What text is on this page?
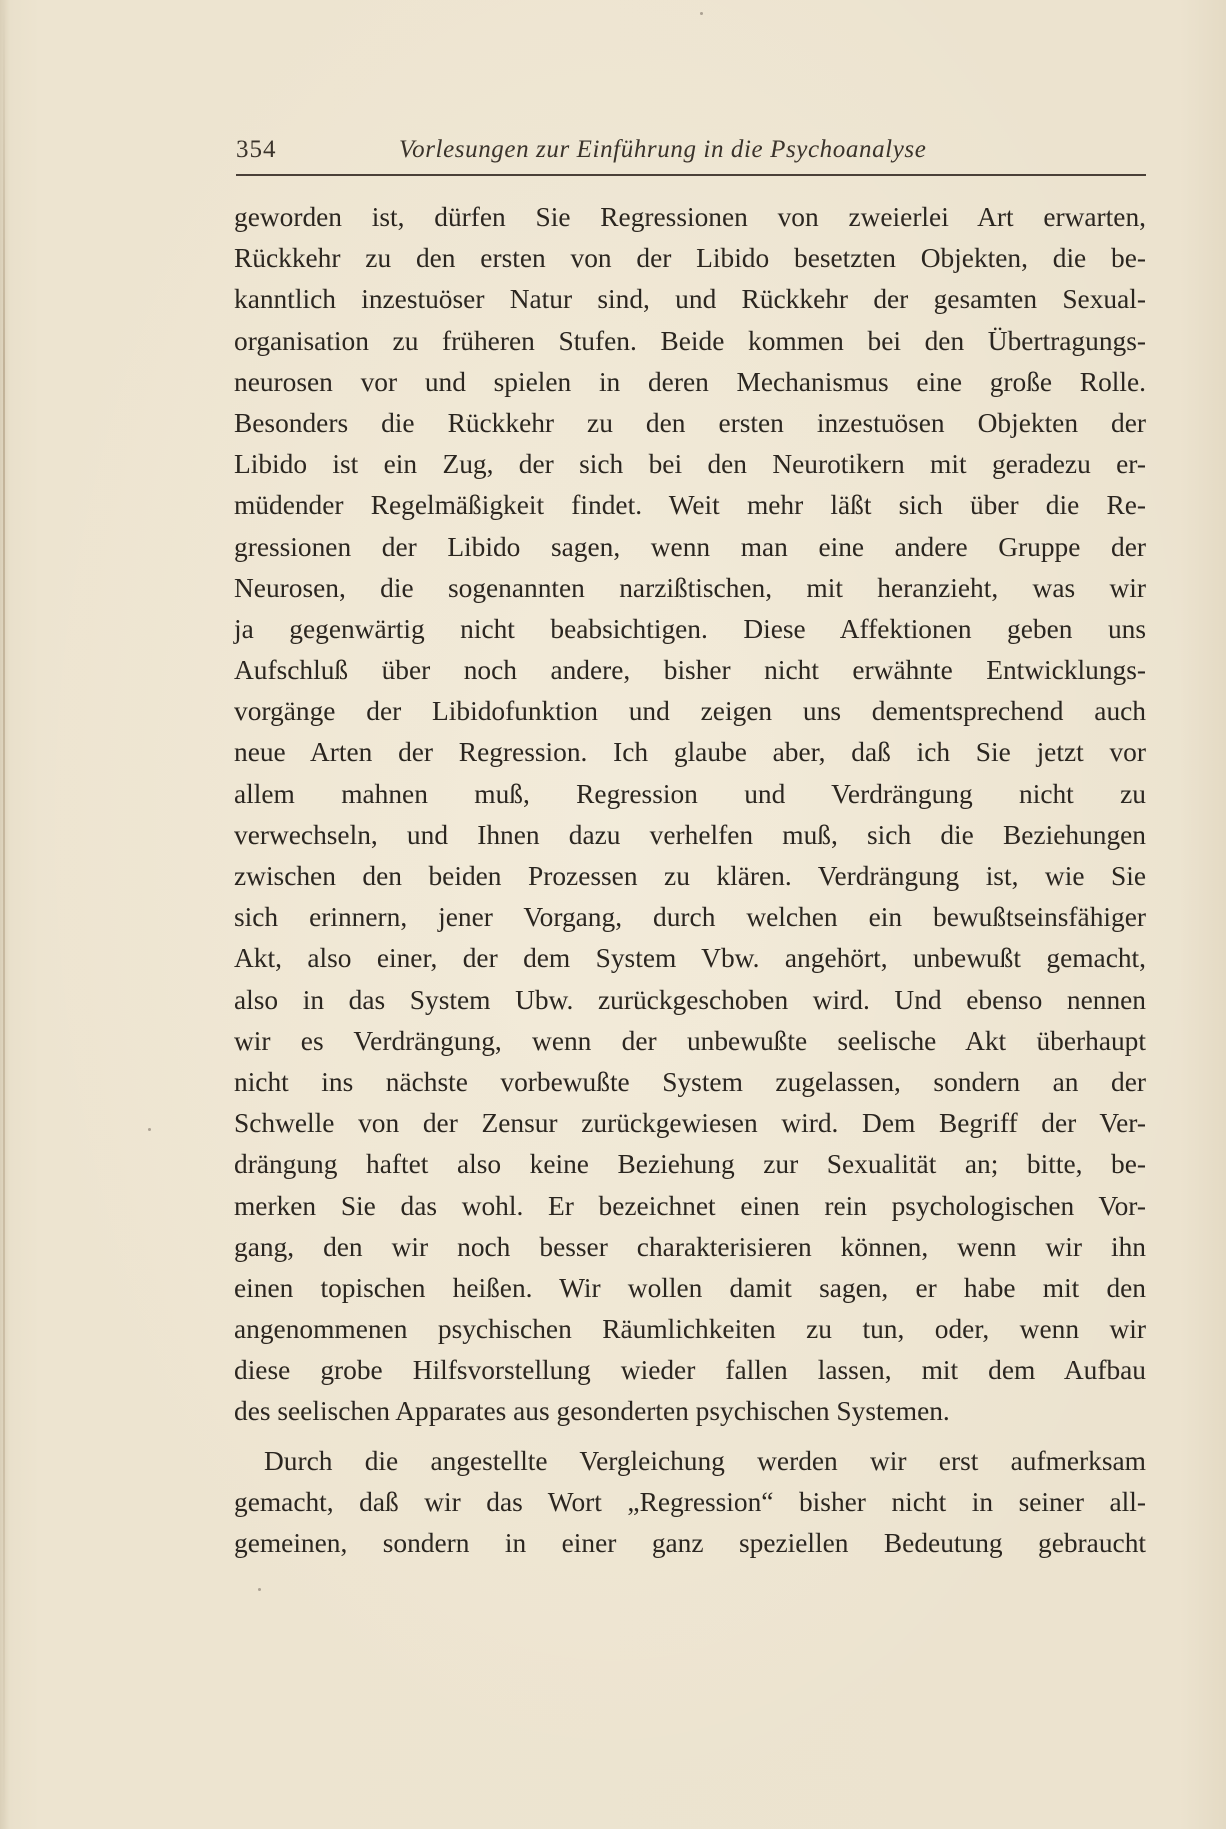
354	Vorlesungen zur Einführung in die Psychoanalyse
geworden ist, dürfen Sie Regressionen von zweierlei Art erwarten,
Rückkehr zu den ersten von der Libido besetzten Objekten, die be-
kanntlich inzestuöser Natur sind, und Rückkehr der gesamten Sexual-
organisation zu früheren Stufen. Beide kommen bei den Übertragungs-
neurosen vor und spielen in deren Mechanismus eine große Rolle.
Besonders die Rückkehr zu den ersten inzestuösen Objekten der
Libido ist ein Zug, der sich bei den Neurotikern mit geradezu er-
müdender Regelmäßigkeit findet. Weit mehr läßt sich über die Re-
gressionen der Libido sagen, wenn man eine andere Gruppe der
Neurosen, die sogenannten narzißtischen, mit heranzieht, was wir
ja gegenwärtig nicht beabsichtigen. Diese Affektionen geben uns
Aufschluß über noch andere, bisher nicht erwähnte Entwicklungs-
vorgänge der Libidofunktion und zeigen uns dementsprechend auch
neue Arten der Regression. Ich glaube aber, daß ich Sie jetzt vor
allem mahnen muß, Regression und Verdrängung nicht zu
verwechseln, und Ihnen dazu verhelfen muß, sich die Beziehungen
zwischen den beiden Prozessen zu klären. Verdrängung ist, wie Sie
sich erinnern, jener Vorgang, durch welchen ein bewußtseinsfähiger
Akt, also einer, der dem System Vbw. angehört, unbewußt gemacht,
also in das System Ubw. zurückgeschoben wird. Und ebenso nennen
wir es Verdrängung, wenn der unbewußte seelische Akt überhaupt
nicht ins nächste vorbewußte System zugelassen, sondern an der
Schwelle von der Zensur zurückgewiesen wird. Dem Begriff der Ver-
drängung haftet also keine Beziehung zur Sexualität an; bitte, be-
merken Sie das wohl. Er bezeichnet einen rein psychologischen Vor-
gang, den wir noch besser charakterisieren können, wenn wir ihn
einen topischen heißen. Wir wollen damit sagen, er habe mit den
angenommenen psychischen Räumlichkeiten zu tun, oder, wenn wir
diese grobe Hilfsvorstellung wieder fallen lassen, mit dem Aufbau
des seelischen Apparates aus gesonderten psychischen Systemen.
Durch die angestellte Vergleichung werden wir erst aufmerksam
gemacht, daß wir das Wort „Regression“ bisher nicht in seiner all-
gemeinen, sondern in einer ganz speziellen Bedeutung gebraucht
